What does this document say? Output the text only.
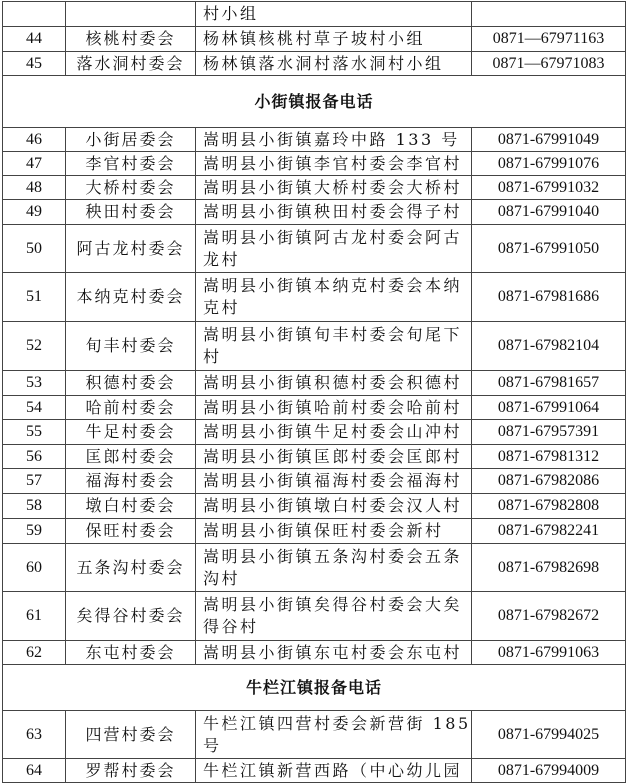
		村小组	
44	核桃村委会	杨林镇核桃村草子坡村小组	0871—67971163
45	落水洞村委会	杨林镇落水洞村落水洞村小组	0871—67971083
小街镇报备电话			
46	小街居委会	嵩明县小街镇嘉玲中路 133 号	0871-67991049
47	李官村委会	嵩明县小街镇李官村委会李官村	0871-67991076
48	大桥村委会	嵩明县小街镇大桥村委会大桥村	0871-67991032
49	秧田村委会	嵩明县小街镇秧田村委会得子村	0871-67991040
50	阿古龙村委会	嵩明县小街镇阿古龙村委会阿古龙村	0871-67991050
51	本纳克村委会	嵩明县小街镇本纳克村委会本纳克村	0871-67981686
52	旬丰村委会	嵩明县小街镇旬丰村委会旬尾下村	0871-67982104
53	积德村委会	嵩明县小街镇积德村委会积德村	0871-67981657
54	哈前村委会	嵩明县小街镇哈前村委会哈前村	0871-67991064
55	牛足村委会	嵩明县小街镇牛足村委会山冲村	0871-67957391
56	匡郎村委会	嵩明县小街镇匡郎村委会匡郎村	0871-67981312
57	福海村委会	嵩明县小街镇福海村委会福海村	0871-67982086
58	墩白村委会	嵩明县小街镇墩白村委会汉人村	0871-67982808
59	保旺村委会	嵩明县小街镇保旺村委会新村	0871-67982241
60	五条沟村委会	嵩明县小街镇五条沟村委会五条沟村	0871-67982698
61	矣得谷村委会	嵩明县小街镇矣得谷村委会大矣得谷村	0871-67982672
62	东屯村委会	嵩明县小街镇东屯村委会东屯村	0871-67991063
牛栏江镇报备电话			
63	四营村委会	牛栏江镇四营村委会新营街 185 号	0871-67994025
64	罗帮村委会	牛栏江镇新营西路（中心幼儿园	0871-67994009
